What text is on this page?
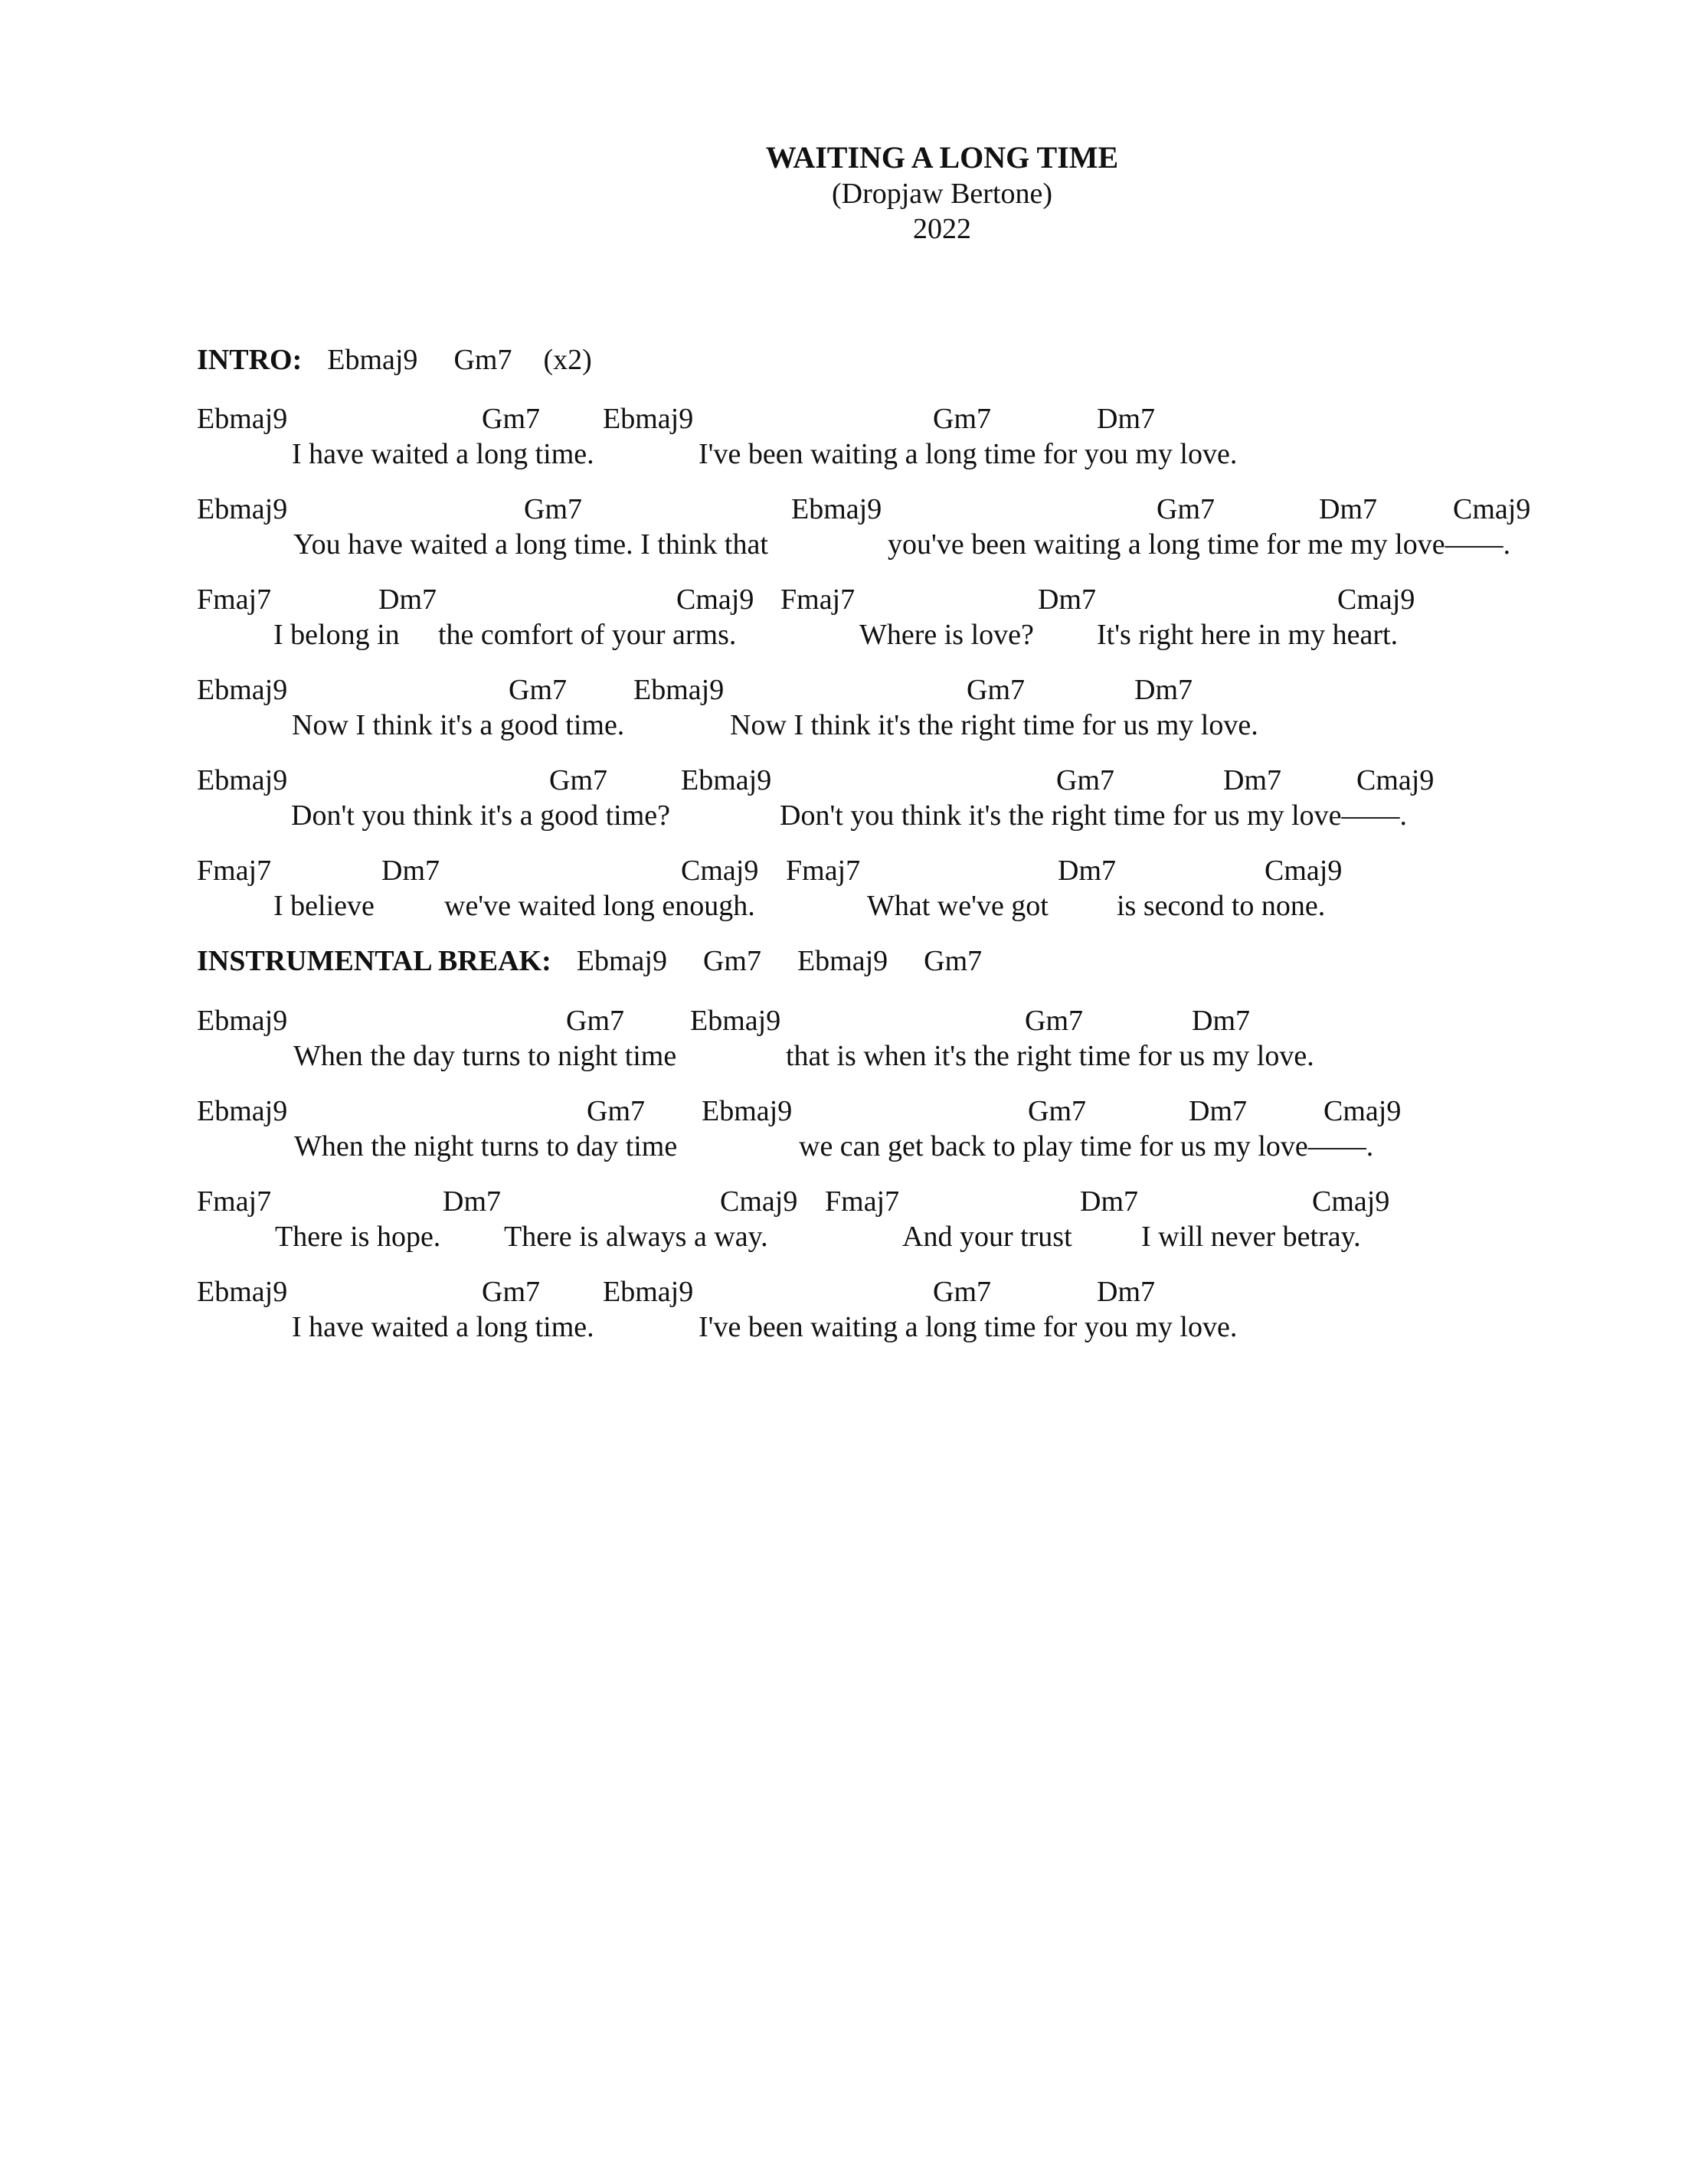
WAITING A LONG TIME
(Dropjaw Bertone)
2022
INTRO: Ebmaj9 Gm7 (x2)
Ebmaj9	Gm7 Ebmaj9	Gm7	Dm7
I have waited a long time.	I've been waiting a long time for you my love.
Ebmaj9	Gm7	Ebmaj9	Gm7	Dm7	Cmaj9
You have waited a long time. I think that	you've been waiting a long time for me my love——.
Fmaj7	Dm7	Cmaj9 Fmaj7	Dm7	Cmaj9
I belong in the comfort of your arms.	Where is love? It's right here in my heart.
Ebmaj9	Gm7 Ebmaj9	Gm7	Dm7
Now I think it's a good time.	Now I think it's the right time for us my love.
Ebmaj9	Gm7	Ebmaj9	Gm7	Dm7	Cmaj9
Don't you think it's a good time?	Don't you think it's the right time for us my love——.
Fmaj7	Dm7	Cmaj9 Fmaj7	Dm7	Cmaj9
I believe we've waited long enough.	What we've got is second to none.
INSTRUMENTAL BREAK: Ebmaj9 Gm7 Ebmaj9 Gm7
Ebmaj9	Gm7 Ebmaj9	Gm7	Dm7
When the day turns to night time	that is when it's the right time for us my love.
Ebmaj9	Gm7 Ebmaj9	Gm7	Dm7	Cmaj9
When the night turns to day time	we can get back to play time for us my love——.
Fmaj7	Dm7	Cmaj9 Fmaj7	Dm7	Cmaj9
There is hope. There is always a way.	And your trust I will never betray.
Ebmaj9	Gm7 Ebmaj9	Gm7	Dm7
I have waited a long time.	I've been waiting a long time for you my love.
